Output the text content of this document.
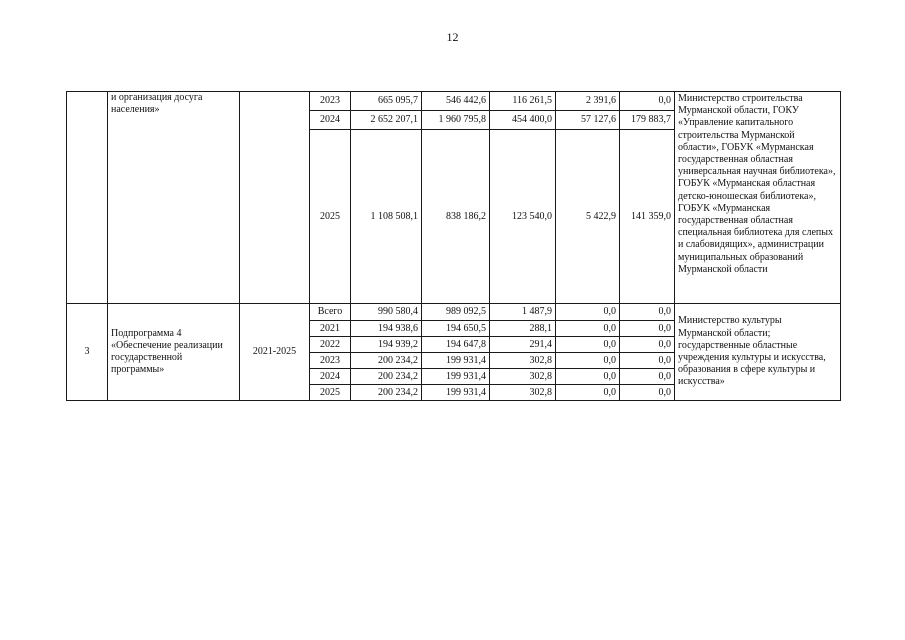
12
	и организация досуга населения»		2023	665 095,7	546 442,6	116 261,5	2 391,6	0,0	Министерство строительства Мурманской области, ГОКУ «Управление капитального строительства Мурманской области», ГОБУК «Мурманская государственная областная универсальная научная библиотека», ГОБУК «Мурманская областная детско-юношеская библиотека», ГОБУК «Мурманская государственная областная специальная библиотека для слепых и слабовидящих», администрации муниципальных образований Мурманской области
			2024	2 652 207,1	1 960 795,8	454 400,0	57 127,6	179 883,7	
			2025	1 108 508,1	838 186,2	123 540,0	5 422,9	141 359,0	
3	Подпрограмма 4 «Обеспечение реализации государственной программы»	2021-2025	Всего	990 580,4	989 092,5	1 487,9	0,0	0,0	Министерство культуры Мурманской области; государственные областные учреждения культуры и искусства, образования в сфере культуры и искусства»
			2021	194 938,6	194 650,5	288,1	0,0	0,0	
			2022	194 939,2	194 647,8	291,4	0,0	0,0	
			2023	200 234,2	199 931,4	302,8	0,0	0,0	
			2024	200 234,2	199 931,4	302,8	0,0	0,0	
			2025	200 234,2	199 931,4	302,8	0,0	0,0	
